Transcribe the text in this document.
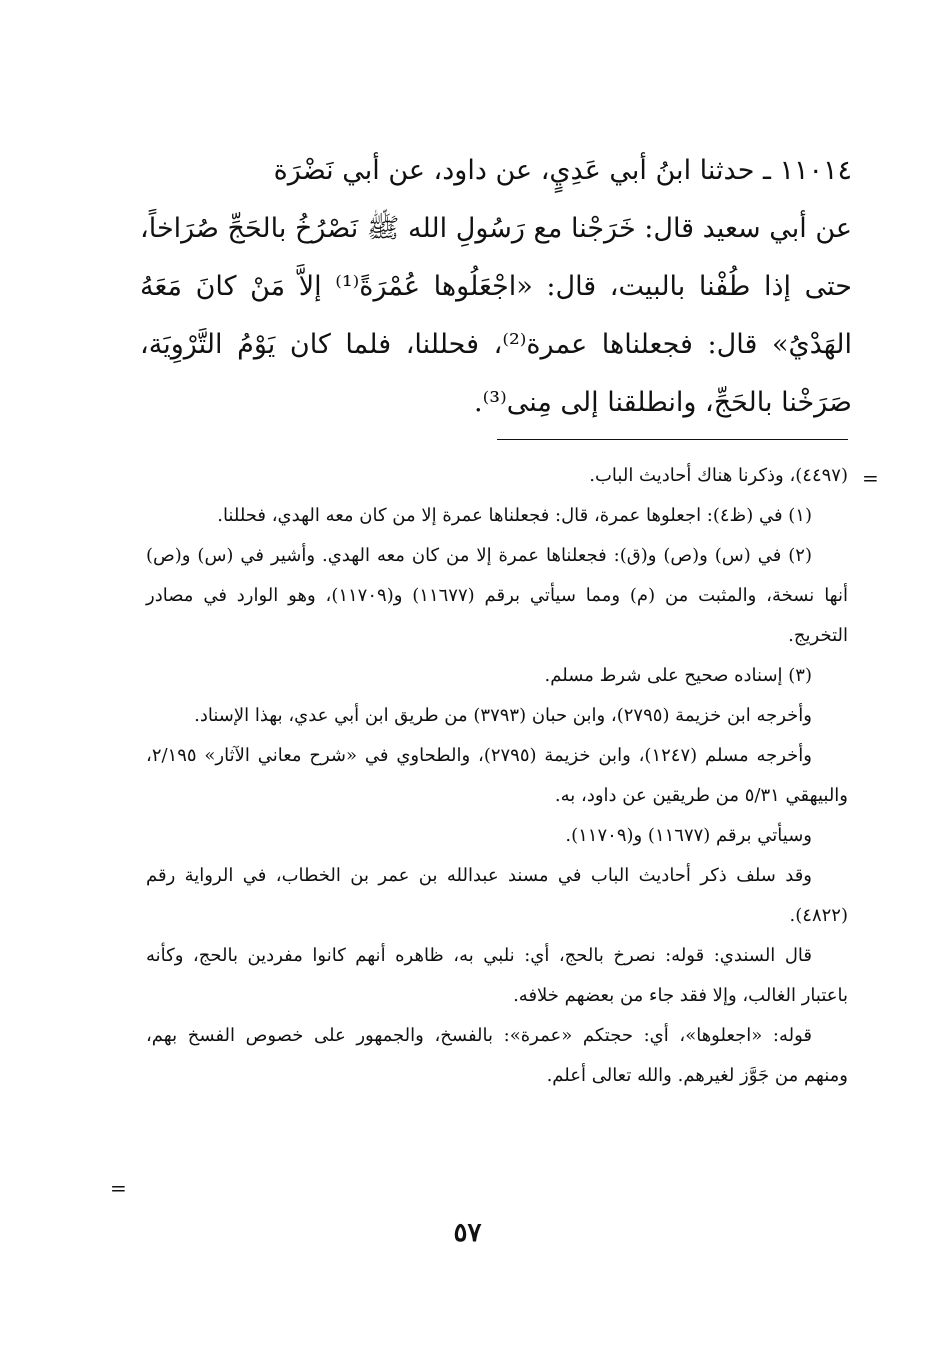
١١٠١٤ ـ حدثنا ابنُ أبي عَدِيٍ، عن داود، عن أبي نَضْرَة

عن أبي سعيد قال: خَرَجْنا مع رَسُولِ الله ﷺ نَصْرُخُ بالحَجِّ صُرَاخاً، حتى إذا طُفْنا بالبيت، قال: «اجْعَلُوها عُمْرَةً⁽¹⁾ إلاَّ مَنْ كانَ مَعَهُ الهَدْيُ» قال: فجعلناها عمرة⁽²⁾، فحللنا، فلما كان يَوْمُ التَّرْوِيَة، صَرَخْنا بالحَجِّ، وانطلقنا إلى مِنى⁽³⁾.

=

(٤٤٩٧)، وذكرنا هناك أحاديث الباب.

(١) في (ظ٤): اجعلوها عمرة، قال: فجعلناها عمرة إلا من كان معه الهدي، فحللنا.

(٢) في (س) و(ص) و(ق): فجعلناها عمرة إلا من كان معه الهدي. وأشير في (س) و(ص) أنها نسخة، والمثبت من (م) ومما سيأتي برقم (١١٦٧٧) و(١١٧٠٩)، وهو الوارد في مصادر التخريج.

(٣) إسناده صحيح على شرط مسلم.

وأخرجه ابن خزيمة (٢٧٩٥)، وابن حبان (٣٧٩٣) من طريق ابن أبي عدي، بهذا الإسناد.

وأخرجه مسلم (١٢٤٧)، وابن خزيمة (٢٧٩٥)، والطحاوي في «شرح معاني الآثار» ٢/١٩٥، والبيهقي ٥/٣١ من طريقين عن داود، به.

وسيأتي برقم (١١٦٧٧) و(١١٧٠٩).

وقد سلف ذكر أحاديث الباب في مسند عبدالله بن عمر بن الخطاب، في الرواية رقم (٤٨٢٢).

قال السندي: قوله: نصرخ بالحج، أي: نلبي به، ظاهره أنهم كانوا مفردين بالحج، وكأنه باعتبار الغالب، وإلا فقد جاء من بعضهم خلافه.

قوله: «اجعلوها»، أي: حجتكم «عمرة»: بالفسخ، والجمهور على خصوص الفسخ بهم، ومنهم من جَوَّز لغيرهم. والله تعالى أعلم.

=
٥٧
